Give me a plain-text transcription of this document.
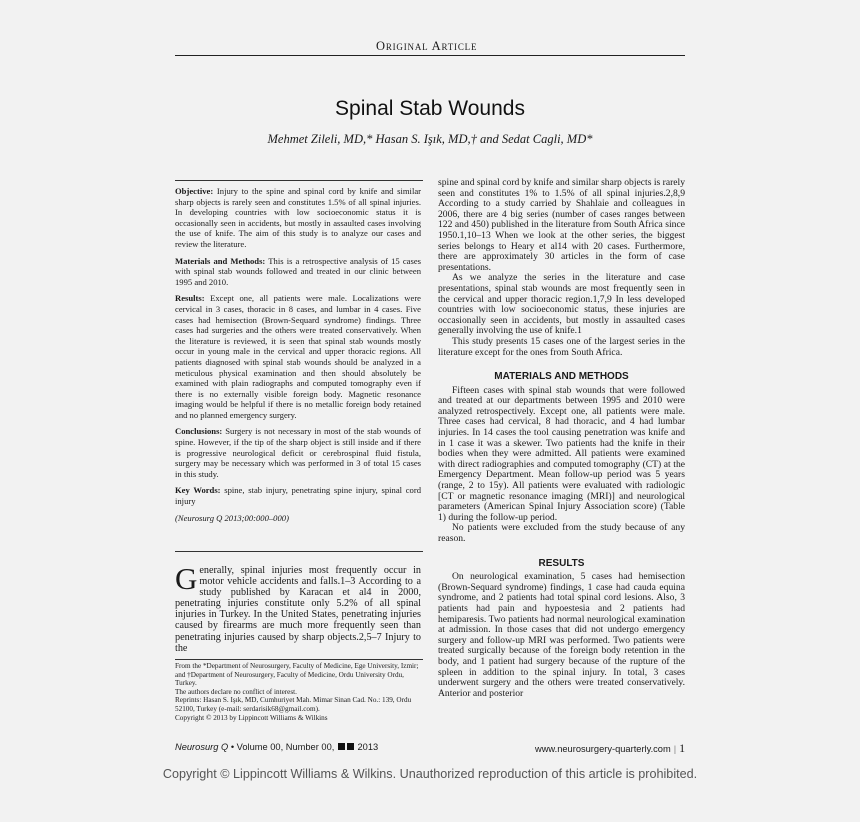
Original Article
Spinal Stab Wounds
Mehmet Zileli, MD,* Hasan S. Işık, MD,† and Sedat Cagli, MD*

Objective: Injury to the spine and spinal cord by knife and similar sharp objects is rarely seen and constitutes 1.5% of all spinal injuries. In developing countries with low socioeconomic status it is occasionally seen in accidents, but mostly in assaulted cases involving the use of knife. The aim of this study is to analyze our cases and review the literature.

Materials and Methods: This is a retrospective analysis of 15 cases with spinal stab wounds followed and treated in our clinic between 1995 and 2010.

Results: Except one, all patients were male. Localizations were cervical in 3 cases, thoracic in 8 cases, and lumbar in 4 cases. Five cases had hemisection (Brown-Sequard syndrome) findings. Three cases had surgeries and the others were treated conservatively. When the literature is reviewed, it is seen that spinal stab wounds mostly occur in young male in the cervical and upper thoracic regions. All patients diagnosed with spinal stab wounds should be analyzed in a meticulous physical examination and then should absolutely be examined with plain radiographs and computed tomography even if there is no externally visible foreign body. Magnetic resonance imaging would be helpful if there is no metallic foreign body retained and no planned emergency surgery.

Conclusions: Surgery is not necessary in most of the stab wounds of spine. However, if the tip of the sharp object is still inside and if there is progressive neurological deficit or cerebrospinal fluid fistula, surgery may be necessary which was performed in 3 of total 15 cases in this study.

Key Words: spine, stab injury, penetrating spine injury, spinal cord injury

(Neurosurg Q 2013;00:000–000)

Generally, spinal injuries most frequently occur in motor vehicle accidents and falls.1–3 According to a study published by Karacan et al4 in 2000, penetrating injuries constitute only 5.2% of all spinal injuries in Turkey. In the United States, penetrating injuries caused by firearms are much more frequently seen than penetrating injuries caused by sharp objects.2,5–7 Injury to the

From the *Department of Neurosurgery, Faculty of Medicine, Ege University, Izmir; and †Department of Neurosurgery, Faculty of Medicine, Ordu University Ordu, Turkey.

The authors declare no conflict of interest.

Reprints: Hasan S. Işık, MD, Cumhuriyet Mah. Mimar Sinan Cad. No.: 139, Ordu 52100, Turkey (e-mail: serdarisik68@gmail.com).

Copyright © 2013 by Lippincott Williams & Wilkins

spine and spinal cord by knife and similar sharp objects is rarely seen and constitutes 1% to 1.5% of all spinal injuries.2,8,9 According to a study carried by Shahlaie and colleagues in 2006, there are 4 big series (number of cases ranges between 122 and 450) published in the literature from South Africa since 1950.1,10–13 When we look at the other series, the biggest series belongs to Heary et al14 with 20 cases. Furthermore, there are approximately 30 articles in the form of case presentations.

As we analyze the series in the literature and case presentations, spinal stab wounds are most frequently seen in the cervical and upper thoracic region.1,7,9 In less developed countries with low socioeconomic status, these injuries are occasionally seen in accidents, but mostly in assaulted cases generally involving the use of knife.1

This study presents 15 cases one of the largest series in the literature except for the ones from South Africa.

MATERIALS AND METHODS

Fifteen cases with spinal stab wounds that were followed and treated at our departments between 1995 and 2010 were analyzed retrospectively. Except one, all patients were male. Three cases had cervical, 8 had thoracic, and 4 had lumbar injuries. In 14 cases the tool causing penetration was knife and in 1 case it was a skewer. Two patients had the knife in their bodies when they were admitted. All patients were examined with direct radiographies and computed tomography (CT) at the Emergency Department. Mean follow-up period was 5 years (range, 2 to 15y). All patients were evaluated with radiologic [CT or magnetic resonance imaging (MRI)] and neurological parameters (American Spinal Injury Association score) (Table 1) during the follow-up period.

No patients were excluded from the study because of any reason.

RESULTS

On neurological examination, 5 cases had hemisection (Brown-Sequard syndrome) findings, 1 case had cauda equina syndrome, and 2 patients had total spinal cord lesions. Also, 3 patients had pain and hypoestesia and 2 patients had hemiparesis. Two patients had normal neurological examination at admission. In those cases that did not undergo emergency surgery and follow-up MRI was performed. Two patients were treated surgically because of the foreign body retention in the body, and 1 patient had surgery because of the rupture of the spleen in addition to the spinal injury. In total, 3 cases underwent surgery and the others were treated conservatively. Anterior and posterior

Neurosurg Q • Volume 00, Number 00,  2013	www.neurosurgery-quarterly.com | 1
Copyright © Lippincott Williams & Wilkins. Unauthorized reproduction of this article is prohibited.
